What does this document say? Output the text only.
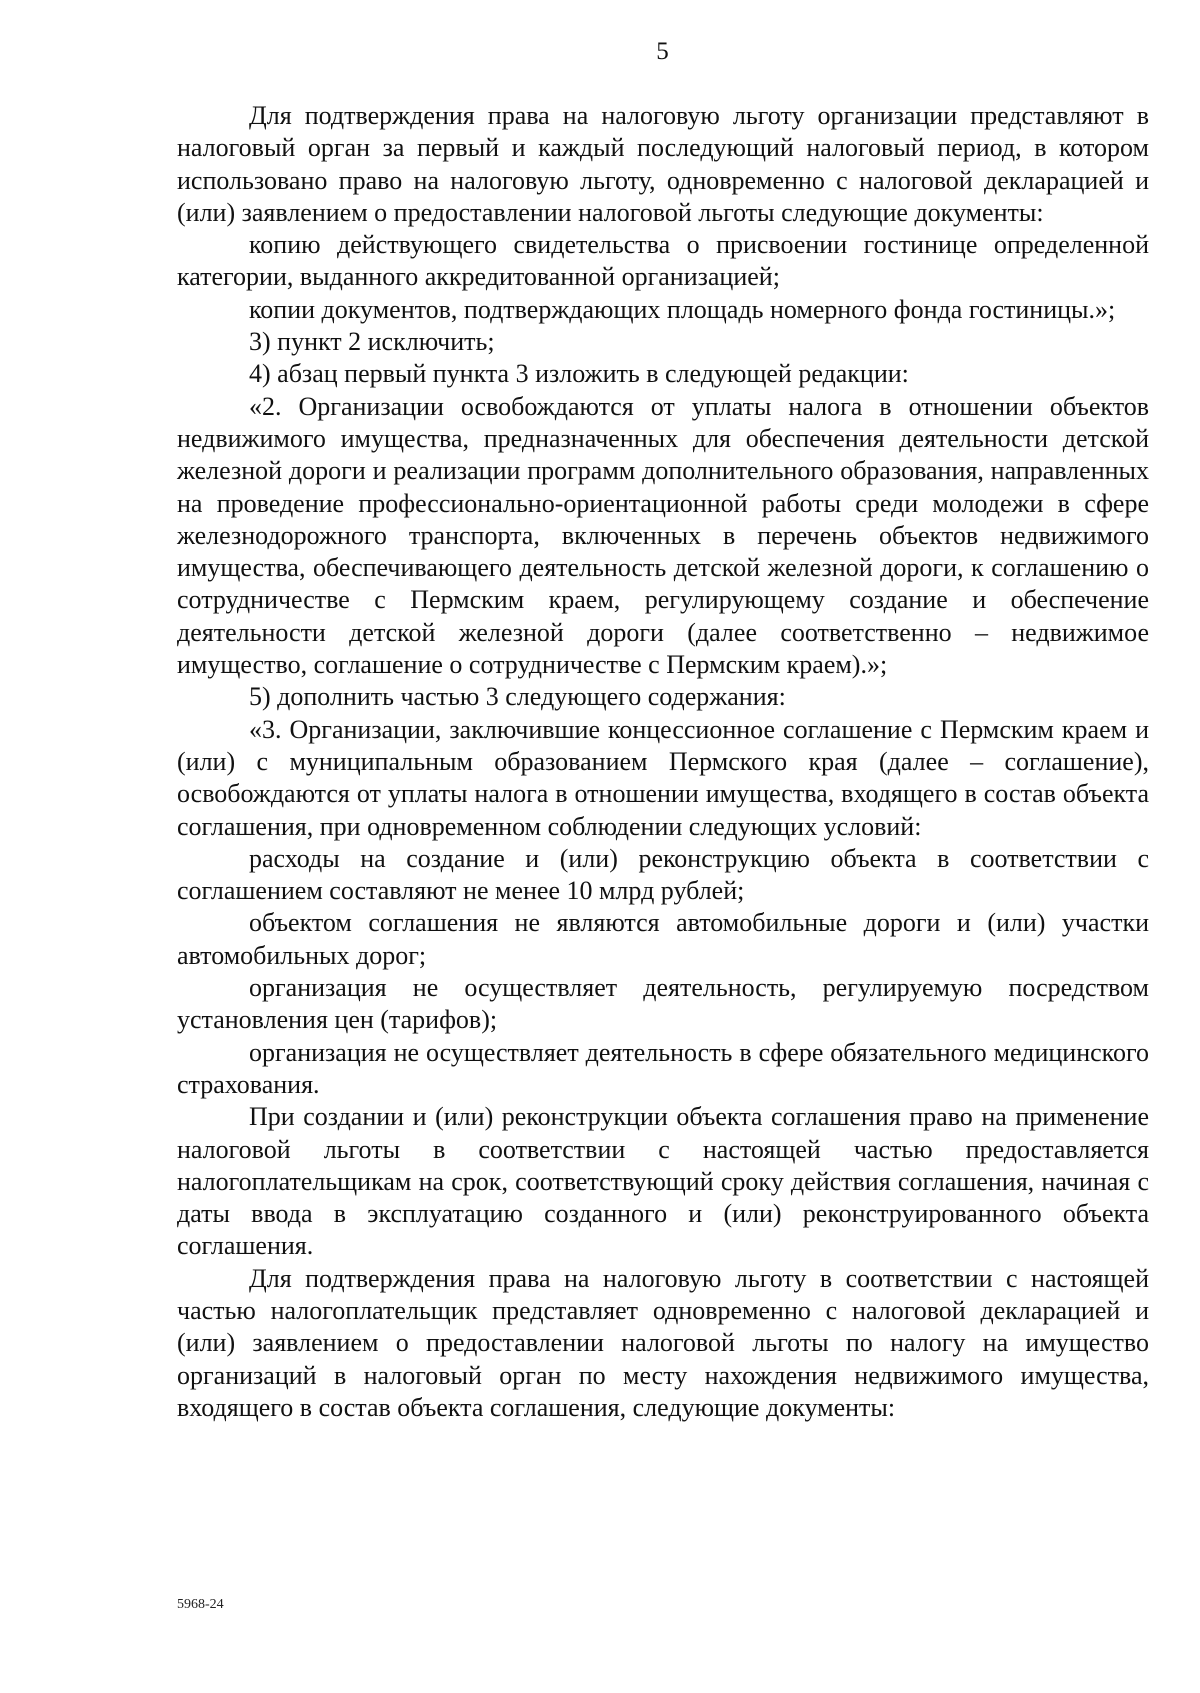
5

Для подтверждения права на налоговую льготу организации представляют в налоговый орган за первый и каждый последующий налоговый период, в котором использовано право на налоговую льготу, одновременно с налоговой декларацией и (или) заявлением о предоставлении налоговой льготы следующие документы:

копию действующего свидетельства о присвоении гостинице определенной категории, выданного аккредитованной организацией;

копии документов, подтверждающих площадь номерного фонда гостиницы.»;

3) пункт 2 исключить;

4) абзац первый пункта 3 изложить в следующей редакции:

«2. Организации освобождаются от уплаты налога в отношении объектов недвижимого имущества, предназначенных для обеспечения деятельности детской железной дороги и реализации программ дополнительного образования, направленных на проведение профессионально-ориентационной работы среди молодежи в сфере железнодорожного транспорта, включенных в перечень объектов недвижимого имущества, обеспечивающего деятельность детской железной дороги, к соглашению о сотрудничестве с Пермским краем, регулирующему создание и обеспечение деятельности детской железной дороги (далее соответственно – недвижимое имущество, соглашение о сотрудничестве с Пермским краем).»;

5) дополнить частью 3 следующего содержания:

«3. Организации, заключившие концессионное соглашение с Пермским краем и (или) с муниципальным образованием Пермского края (далее – соглашение), освобождаются от уплаты налога в отношении имущества, входящего в состав объекта соглашения, при одновременном соблюдении следующих условий:

расходы на создание и (или) реконструкцию объекта в соответствии с соглашением составляют не менее 10 млрд рублей;

объектом соглашения не являются автомобильные дороги и (или) участки автомобильных дорог;

организация не осуществляет деятельность, регулируемую посредством установления цен (тарифов);

организация не осуществляет деятельность в сфере обязательного медицинского страхования.

При создании и (или) реконструкции объекта соглашения право на применение налоговой льготы в соответствии с настоящей частью предоставляется налогоплательщикам на срок, соответствующий сроку действия соглашения, начиная с даты ввода в эксплуатацию созданного и (или) реконструированного объекта соглашения.

Для подтверждения права на налоговую льготу в соответствии с настоящей частью налогоплательщик представляет одновременно с налоговой декларацией и (или) заявлением о предоставлении налоговой льготы по налогу на имущество организаций в налоговый орган по месту нахождения недвижимого имущества, входящего в состав объекта соглашения, следующие документы:

5968-24
